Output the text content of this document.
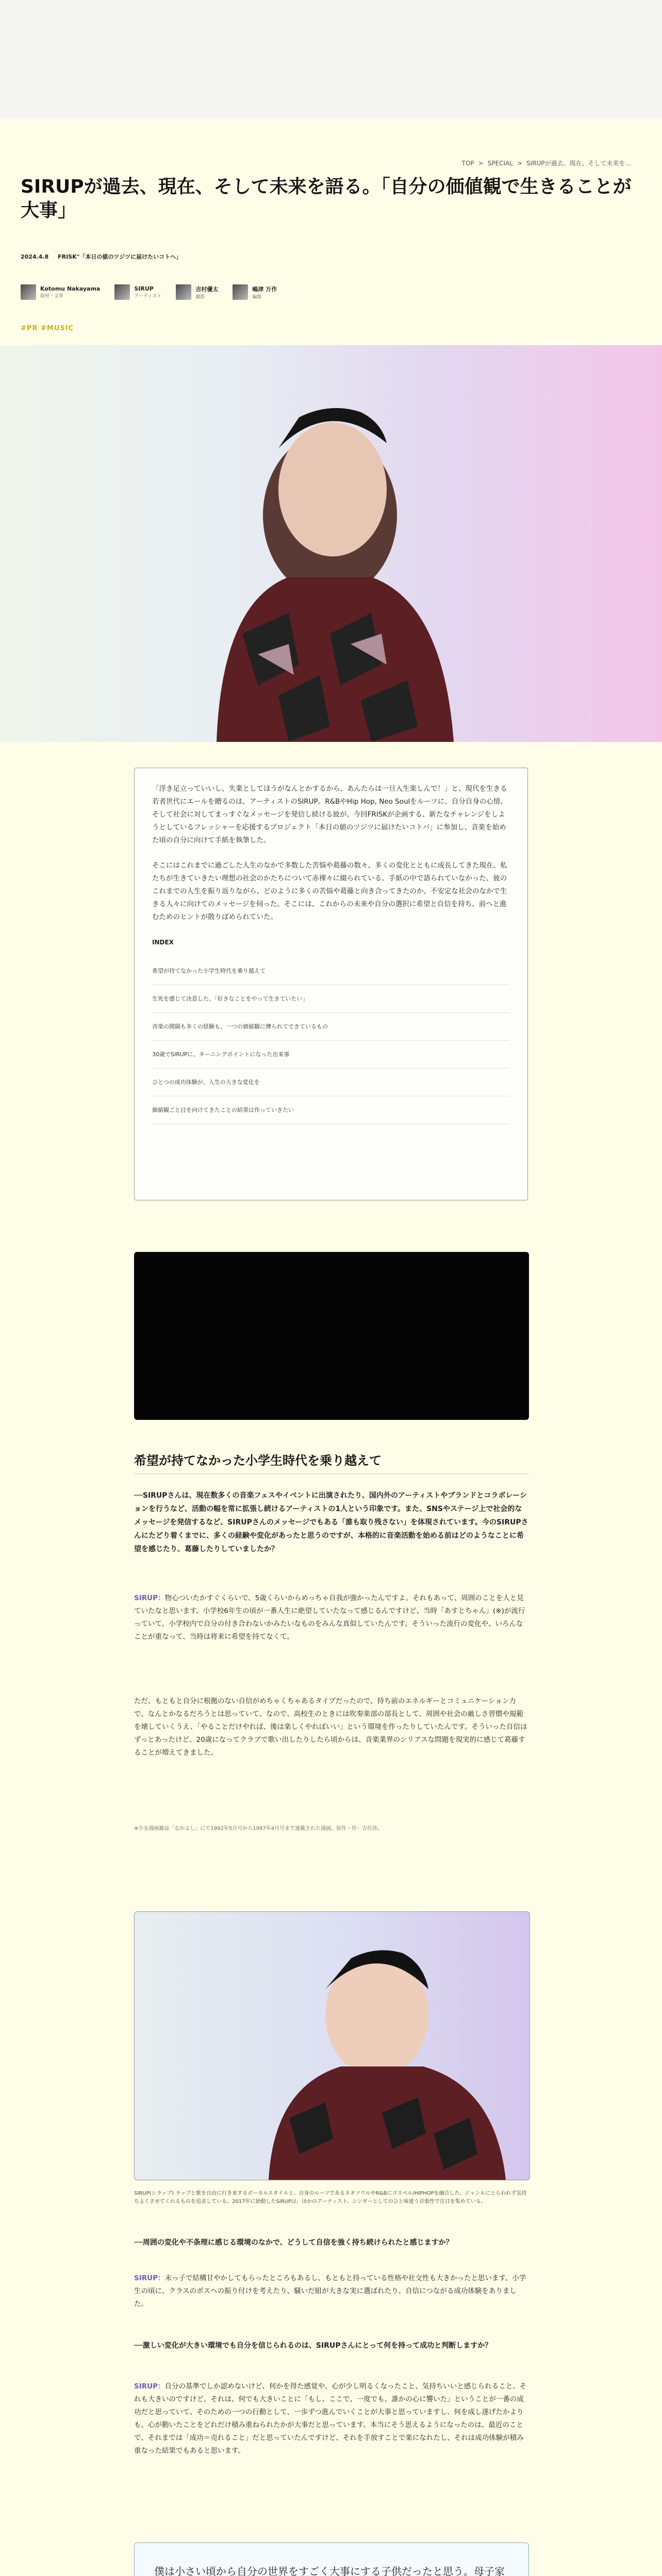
TOP > SPECIAL > SIRUPが過去、現在、そして未来を...
SIRUPが過去、現在、そして未来を語る。「自分の価値観で生きることが大事」
2024.4.8 FRISK"「本日の値のツジツに届けたいコトへ」
Kotomu Nakayama
取材・文章
SIRUP
アーティスト
吉村優太
撮影
嶋津 万作
編集
#PR #MUSIC

「浮き足立っていいし、失業としてほうがなんとかするから、あんたらは一旦入生楽しんで！」と、現代を生きる若者世代にエールを贈るのは、アーティストのSIRUP。R&BやHip Hop, Neo Soulをルーツに、自分自身の心情、そして社会に対してまっすぐなメッセージを発信し続ける彼が、今回FRISKが企画する、新たなチャレンジをしようとしているフレッシャーを応援するプロジェクト「本日の値のツジツに届けたいコトバ」に参加し、音楽を始めた頃の自分に向けて手紙を執筆した。

そこにはこれまでに過ごした人生のなかで多数した苦悩や葛藤の数々、多くの変化とともに成長してきた現在、私たちが生きていきたい理想の社会のかたちについて赤裸々に綴られている。手紙の中で語られていなかった、彼のこれまでの人生を振り返りながら、どのように多くの苦悩や葛藤と向き合ってきたのか、不安定な社会のなかで生きる人々に向けてのメッセージを伺った。そこには、これからの未来や自分の選択に希望と自信を持ち、前へと進むためのヒントが散りばめられていた。

INDEX
希望が持てなかった小学生時代を乗り越えて
生死を感じて決意した、「好きなことをやって生きていたい」
音楽の間隔も多くの経験も、一つの価値観に縛られてできているもの
30歳でSIRUPに。ターニングポイントになった出来事
ひとつの成功体験が、人生の大きな変化を
価値観ごと目を向けてきたことの結果は作っていきたい
希望が持てなかった小学生時代を乗り越えて

──SIRUPさんは、現在数多くの音楽フェスやイベントに出演されたり、国内外のアーティストやブランドとコラボレーションを行うなど、活動の幅を常に拡張し続けるアーティストの1人という印象です。また、SNSやステージ上で社会的なメッセージを発信するなど、SIRUPさんのメッセージでもある「誰も取り残さない」を体現されています。今のSIRUPさんにたどり着くまでに、多くの経験や変化があったと思うのですが、本格的に音楽活動を始める前はどのようなことに希望を感じたり、葛藤したりしていましたか？

SIRUP：物心ついたかすぐくらいで、5歳くらいからめっちゃ自我が強かったんですよ。それもあって、周囲のことを人と見ていたなと思います。小学校6年生の頃が一番人生に絶望していたなって感じるんですけど、当時「あすとちゃん」(※)が流行っていて、小学校内で自分の付き合わないかみたいなものをみんな真似していたんです。そういった流行の変化や、いろんなことが重なって、当時は将来に希望を持てなくて。

ただ、もともと自分に根拠のない自信がめちゃくちゃあるタイプだったので、持ち前のエネルギーとコミュニケーション力で、なんとかなるだろうとは思っていて、なので、高校生のときには吹奏楽部の部長として、周囲や社会の厳しさ習慣や規範を壊していくうえ、「やることだけやれば、後は楽しくやればいい」という環境を作ったりしていたんです。そういった自信はずっとあったけど、20歳になってクラブで歌い出したりしたら頃からは、音楽業界のシリアスな問題を現実的に感じて葛藤することが増えてきました。

※少女漫画雑誌「なかよし」にて1992年5月号から1997年4月号まで連載された漫画。原作・作：吉住渉。

SIRUP(シラップ) ラップと歌を自由に行き来するボーカルスタイルと、自身のルーツであるネオソウルやR&Bにゴスペル/HIPHOPを融合した、ジャンルにとらわれず気持ちよくさせてくれるものを追求している。2017年に始動したSIRUPは、ほかのアーティスト、シンガーとしてのひと味違う音楽性で注目を集めている。

──周囲の変化や不条理に感じる環境のなかで、どうして自信を強く持ち続けられたと感じますか？

SIRUP：末っ子で結構甘やかしてもらったところもあるし、もともと持っている性格や社交性も大きかったと思います。小学生の頃に、クラスのボスへの振り付けを考えたり、騒いだ組が大きな実に選ばれたり、自信につながる成功体験をありました。

──激しい変化が大きい環境でも自分を信じられるのは、SIRUPさんにとって何を持って成功と判断しますか？

SIRUP：自分の基準でしか認めないけど、何かを得た感覚や、心が少し明るくなったこと、気持ちいいと感じられること、それも大きいのですけど。それは、何でも大きいことに「もし、ここで、一度でも、誰かの心に響いた」ということが一番の成功だと思っていて、そのための一つの行動として、一歩ずつ進んでいくことが大事と思っていますし、何を成し遂げたかよりも、心が動いたことをどれだけ積み重ねられたかが大事だと思っています。本当にそう思えるようになったのは、最近のことで、それまでは「成功＝売れること」だと思っていたんですけど、それを手放すことで楽になれたし、それは成功体験が積み重なった結果でもあると思います。

僕は小さい頃から自分の世界をすごく大事にする子供だったと思う。母子家
